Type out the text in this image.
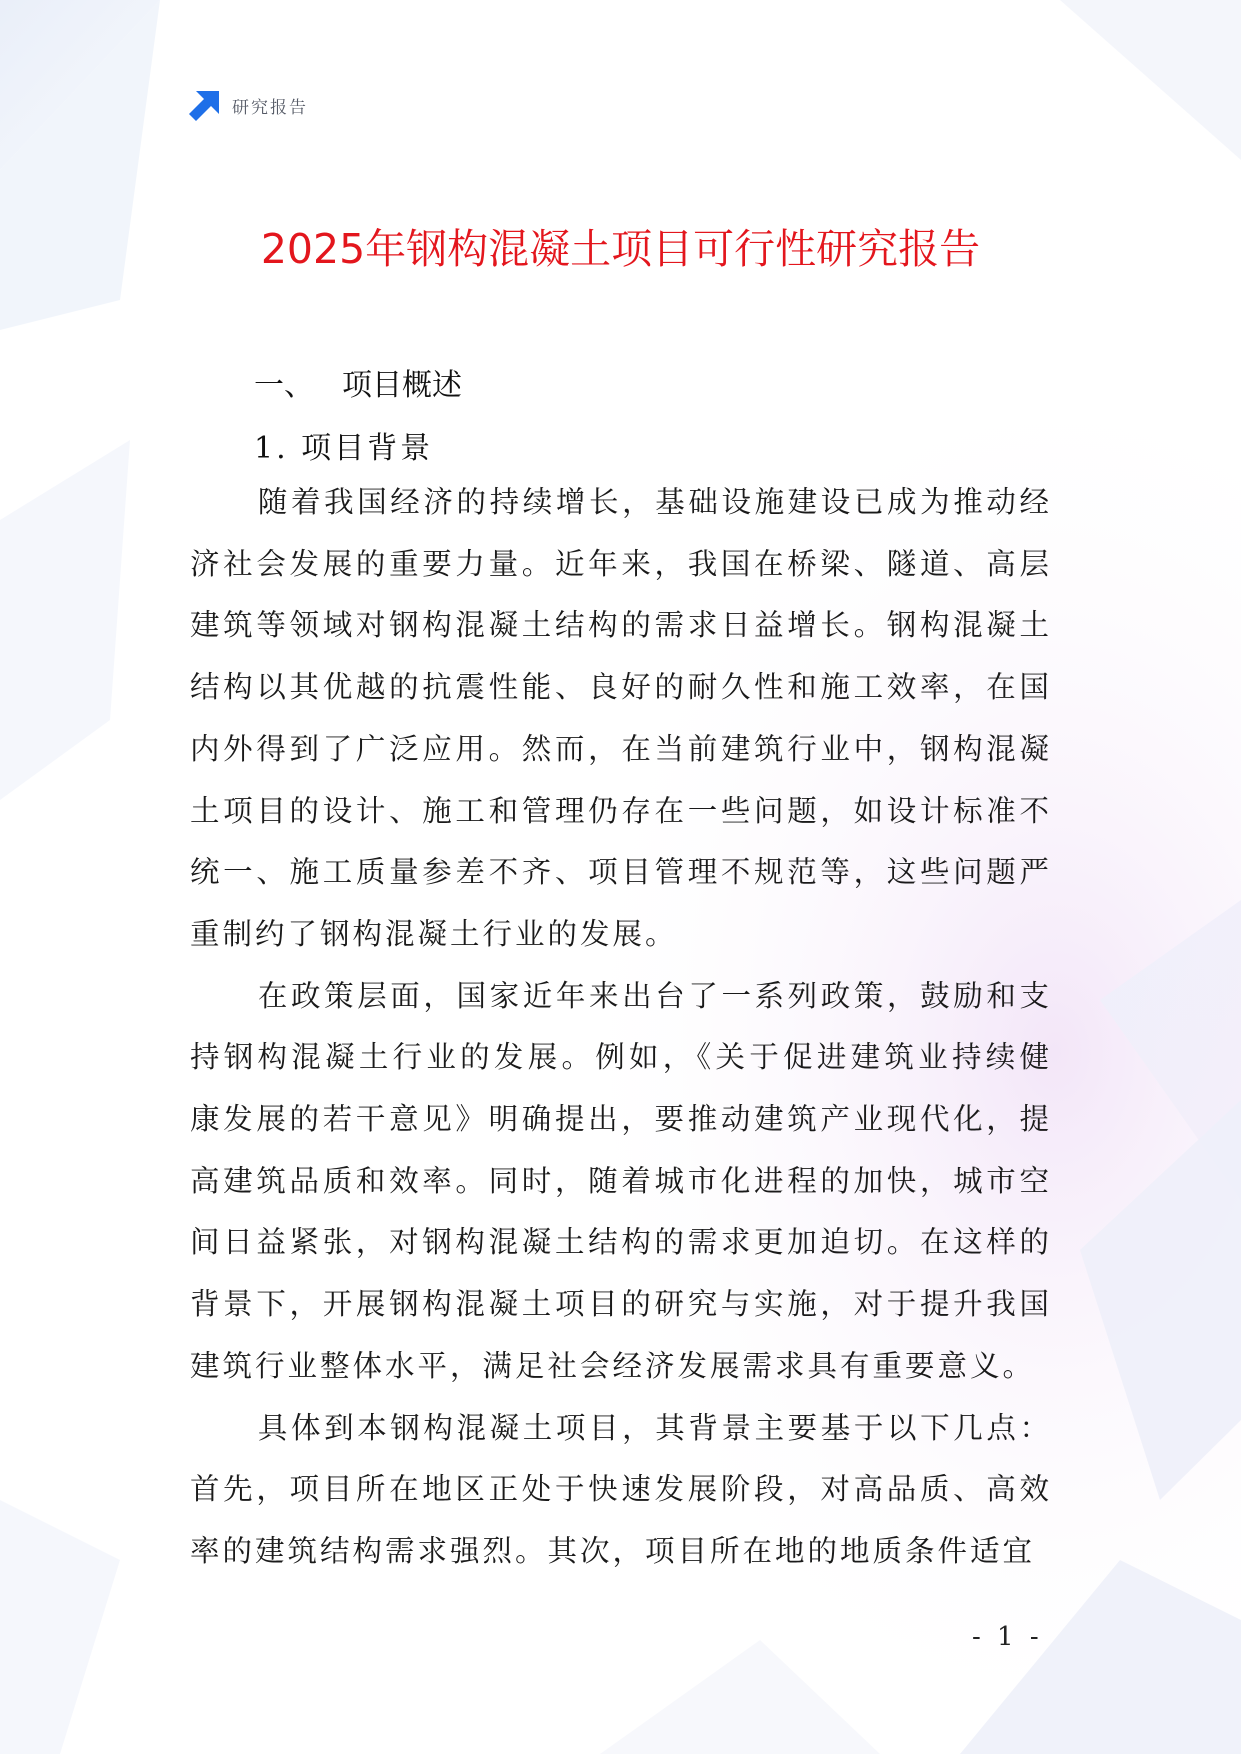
研究报告
2025年钢构混凝土项目可行性研究报告
一、 项目概述
1. 项目背景

随着我国经济的持续增长，基础设施建设已成为推动经济社会发展的重要力量。近年来，我国在桥梁、隧道、高层建筑等领域对钢构混凝土结构的需求日益增长。钢构混凝土结构以其优越的抗震性能、良好的耐久性和施工效率，在国内外得到了广泛应用。然而，在当前建筑行业中，钢构混凝土项目的设计、施工和管理仍存在一些问题，如设计标准不统一、施工质量参差不齐、项目管理不规范等，这些问题严重制约了钢构混凝土行业的发展。

在政策层面，国家近年来出台了一系列政策，鼓励和支持钢构混凝土行业的发展。例如，《关于促进建筑业持续健康发展的若干意见》明确提出，要推动建筑产业现代化，提高建筑品质和效率。同时，随着城市化进程的加快，城市空间日益紧张，对钢构混凝土结构的需求更加迫切。在这样的背景下，开展钢构混凝土项目的研究与实施，对于提升我国建筑行业整体水平，满足社会经济发展需求具有重要意义。

具体到本钢构混凝土项目，其背景主要基于以下几点：首先，项目所在地区正处于快速发展阶段，对高品质、高效率的建筑结构需求强烈。其次，项目所在地的地质条件适宜

- 1 -
